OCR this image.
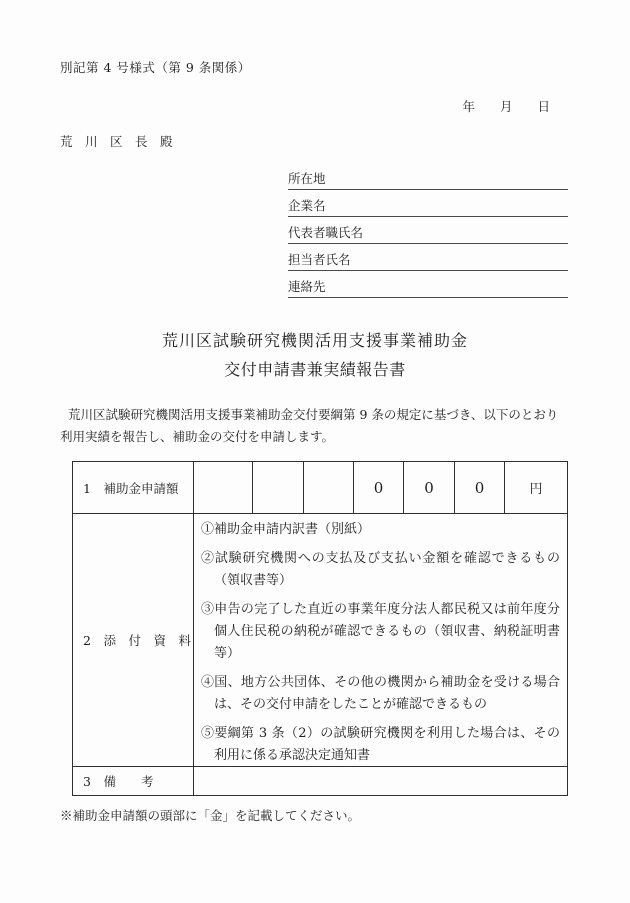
別記第 4 号様式（第 9 条関係）
年　　月　　日
荒　川　区　長　殿
所在地
企業名
代表者職氏名
担当者氏名
連絡先
荒川区試験研究機関活用支援事業補助金
交付申請書兼実績報告書
荒川区試験研究機関活用支援事業補助金交付要綱第 9 条の規定に基づき、以下のとおり
利用実績を報告し、補助金の交付を申請します。
1　補助金申請額	0	0	0	円
2　添　付　資　料
①補助金申請内訳書（別紙）
②試験研究機関への支払及び支払い金額を確認できるもの（領収書等）
③申告の完了した直近の事業年度分法人都民税又は前年度分個人住民税の納税が確認できるもの（領収書、納税証明書等）
④国、地方公共団体、その他の機関から補助金を受ける場合は、その交付申請をしたことが確認できるもの
⑤要綱第 3 条（2）の試験研究機関を利用した場合は、その利用に係る承認決定通知書
3　備　　考
※補助金申請額の頭部に「金」を記載してください。
